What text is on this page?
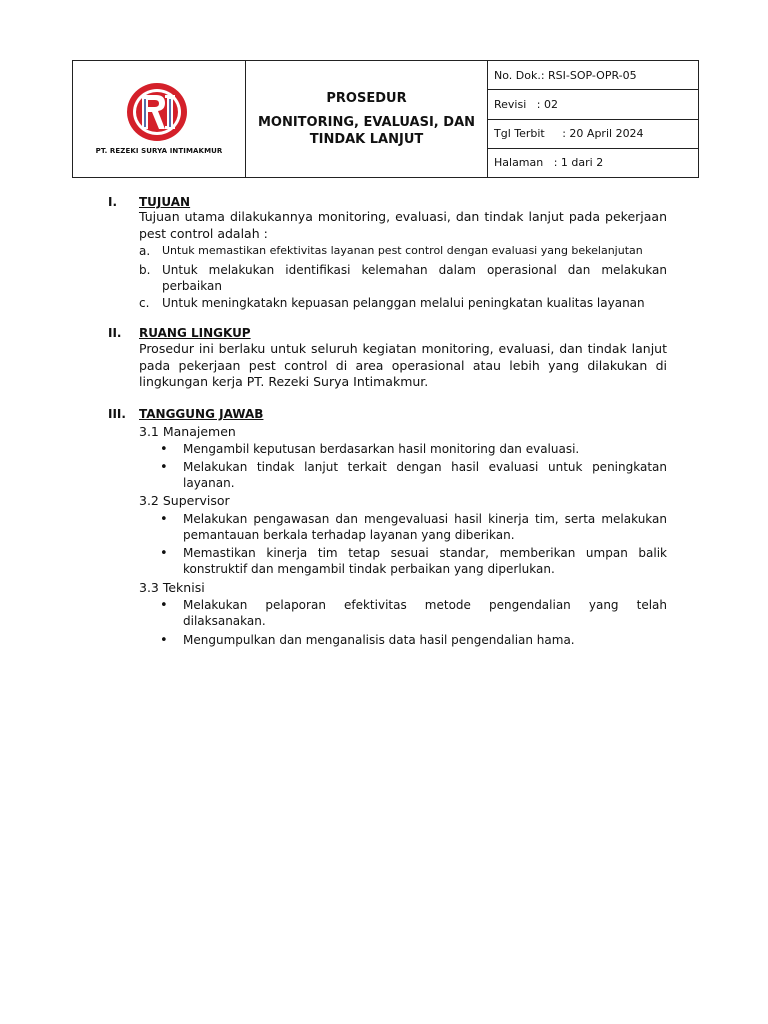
PT. REZEKI SURYA INTIMAKMUR
PROSEDUR
MONITORING, EVALUASI, DAN TINDAK LANJUT
No. Dok.: RSI-SOP-OPR-05
Revisi   : 02
Tgl Terbit     : 20 April 2024
Halaman   : 1 dari 2
I. TUJUAN
Tujuan utama dilakukannya monitoring, evaluasi, dan tindak lanjut pada pekerjaan pest control adalah :
a.	Untuk memastikan efektivitas layanan pest control dengan evaluasi yang bekelanjutan
b. Untuk melakukan identifikasi kelemahan dalam operasional dan melakukan perbaikan
c.	Untuk meningkatakn kepuasan pelanggan melalui peningkatan kualitas layanan
II. RUANG LINGKUP
Prosedur ini berlaku untuk seluruh kegiatan monitoring, evaluasi, dan tindak lanjut pada pekerjaan pest control di area operasional atau lebih yang dilakukan di lingkungan kerja PT. Rezeki Surya Intimakmur.
III. TANGGUNG JAWAB
3.1 Manajemen
• Mengambil keputusan berdasarkan hasil monitoring dan evaluasi.
• Melakukan tindak lanjut terkait dengan hasil evaluasi untuk peningkatan layanan.
3.2 Supervisor
• Melakukan pengawasan dan mengevaluasi hasil kinerja tim, serta melakukan pemantauan berkala terhadap layanan yang diberikan.
• Memastikan kinerja tim tetap sesuai standar, memberikan umpan balik konstruktif dan mengambil tindak perbaikan yang diperlukan.
3.3 Teknisi
• Melakukan pelaporan efektivitas metode pengendalian yang telah dilaksanakan.
• Mengumpulkan dan menganalisis data hasil pengendalian hama.
